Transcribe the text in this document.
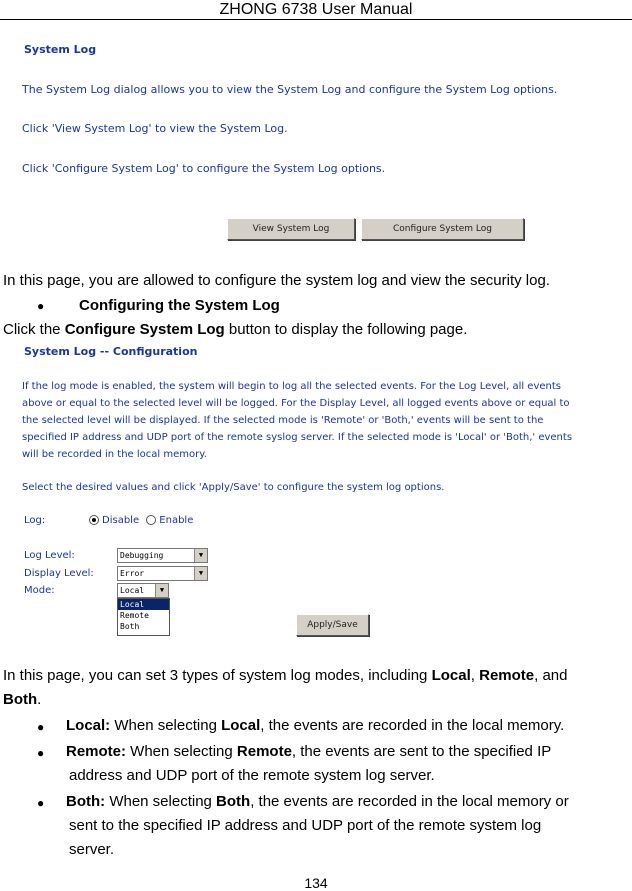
ZHONG 6738 User Manual
System Log
The System Log dialog allows you to view the System Log and configure the System Log options.
Click 'View System Log' to view the System Log.
Click 'Configure System Log' to configure the System Log options.
View System Log	Configure System Log
In this page, you are allowed to configure the system log and view the security log.
● Configuring the System Log
Click the Configure System Log button to display the following page.
System Log -- Configuration
If the log mode is enabled, the system will begin to log all the selected events. For the Log Level, all events
above or equal to the selected level will be logged. For the Display Level, all logged events above or equal to
the selected level will be displayed. If the selected mode is 'Remote' or 'Both,' events will be sent to the
specified IP address and UDP port of the remote syslog server. If the selected mode is 'Local' or 'Both,' events
will be recorded in the local memory.
Select the desired values and click 'Apply/Save' to configure the system log options.
Log:	Disable Enable
Log Level:	Debugging	▼
Display Level:	Error	▼
Mode:	Local	▼
Local
Remote
Both	Apply/Save
In this page, you can set 3 types of system log modes, including Local, Remote, and
Both.
● Local: When selecting Local, the events are recorded in the local memory.
● Remote: When selecting Remote, the events are sent to the specified IP
address and UDP port of the remote system log server.
● Both: When selecting Both, the events are recorded in the local memory or
sent to the specified IP address and UDP port of the remote system log
server.
134
